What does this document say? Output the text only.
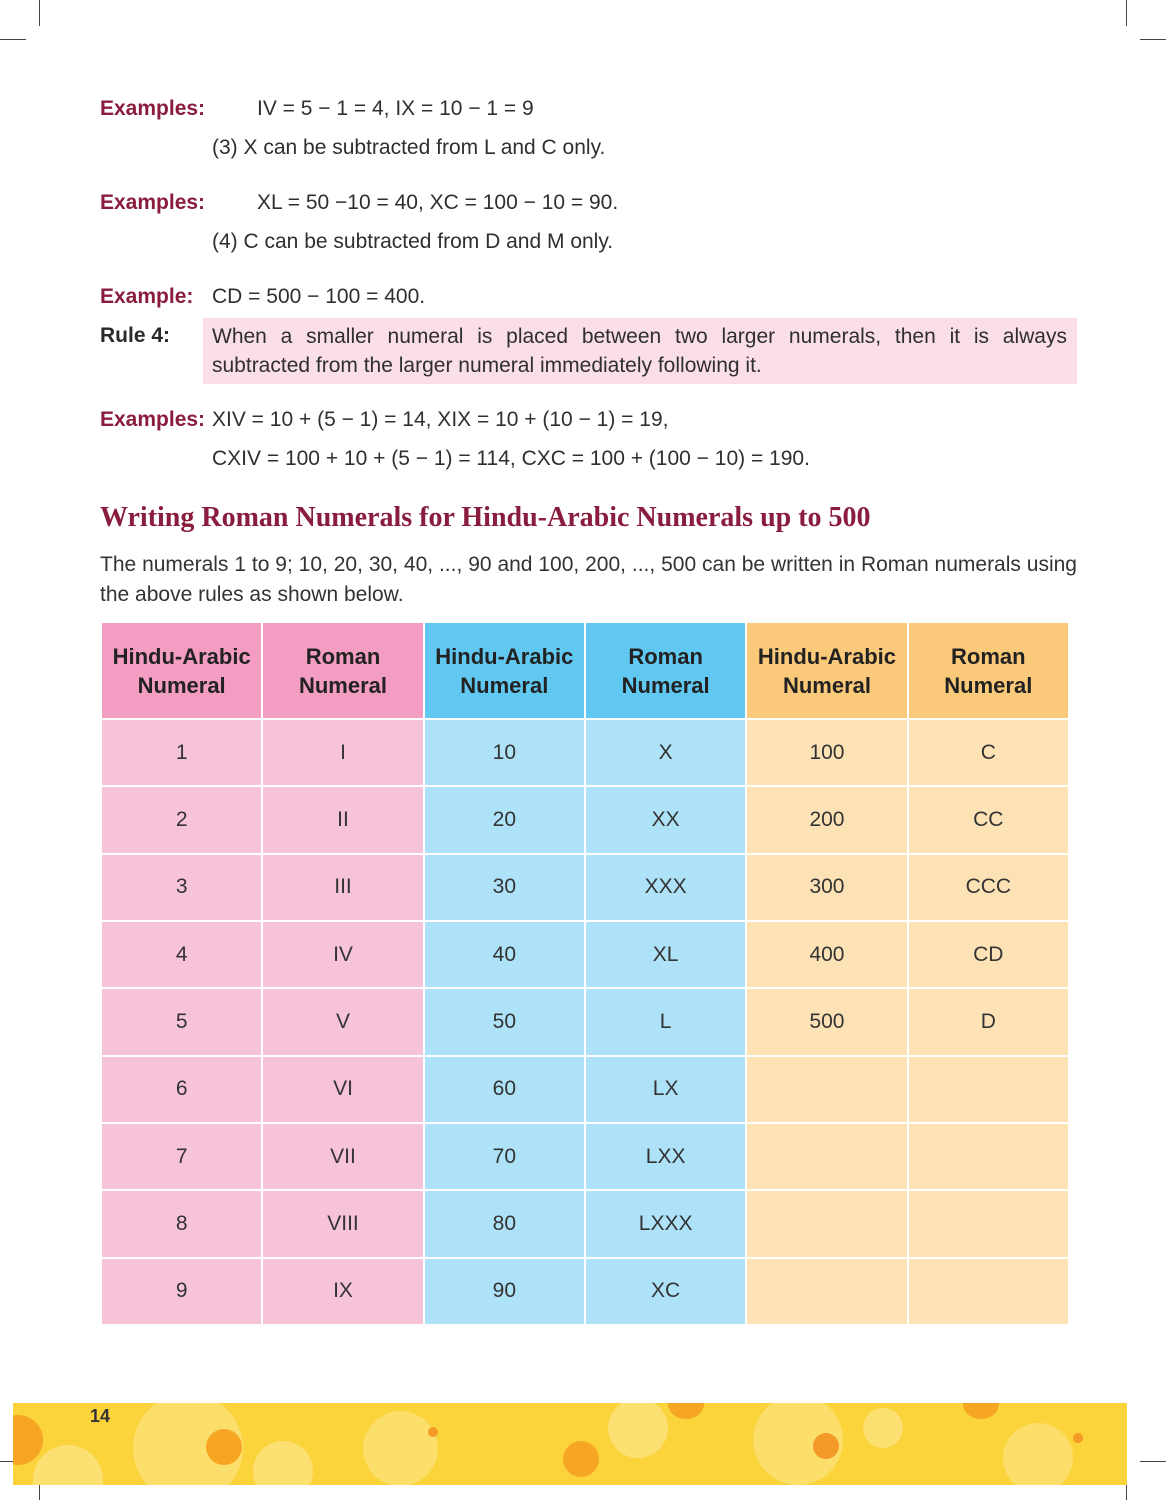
Examples: IV = 5 − 1 = 4, IX = 10 − 1 = 9
(3) X can be subtracted from L and C only.
Examples: XL = 50 −10 = 40, XC = 100 − 10 = 90.
(4) C can be subtracted from D and M only.
Example: CD = 500 − 100 = 400.
Rule 4:	When a smaller numeral is placed between two larger numerals, then it is always subtracted from the larger numeral immediately following it.

Examples: XIV = 10 + (5 − 1) = 14, XIX = 10 + (10 − 1) = 19,
CXIV = 100 + 10 + (5 − 1) = 114, CXC = 100 + (100 − 10) = 190.
Writing Roman Numerals for Hindu-Arabic Numerals up to 500

The numerals 1 to 9; 10, 20, 30, 40, ..., 90 and 100, 200, ..., 500 can be written in Roman numerals using the above rules as shown below.

Hindu-Arabic Numeral	Roman Numeral	Hindu-Arabic Numeral	Roman Numeral	Hindu-Arabic Numeral	Roman Numeral
1	I	10	X	100	C
2	II	20	XX	200	CC
3	III	30	XXX	300	CCC
4	IV	40	XL	400	CD
5	V	50	L	500	D
6	VI	60	LX		
7	VII	70	LXX		
8	VIII	80	LXXX		
9	IX	90	XC		
14
